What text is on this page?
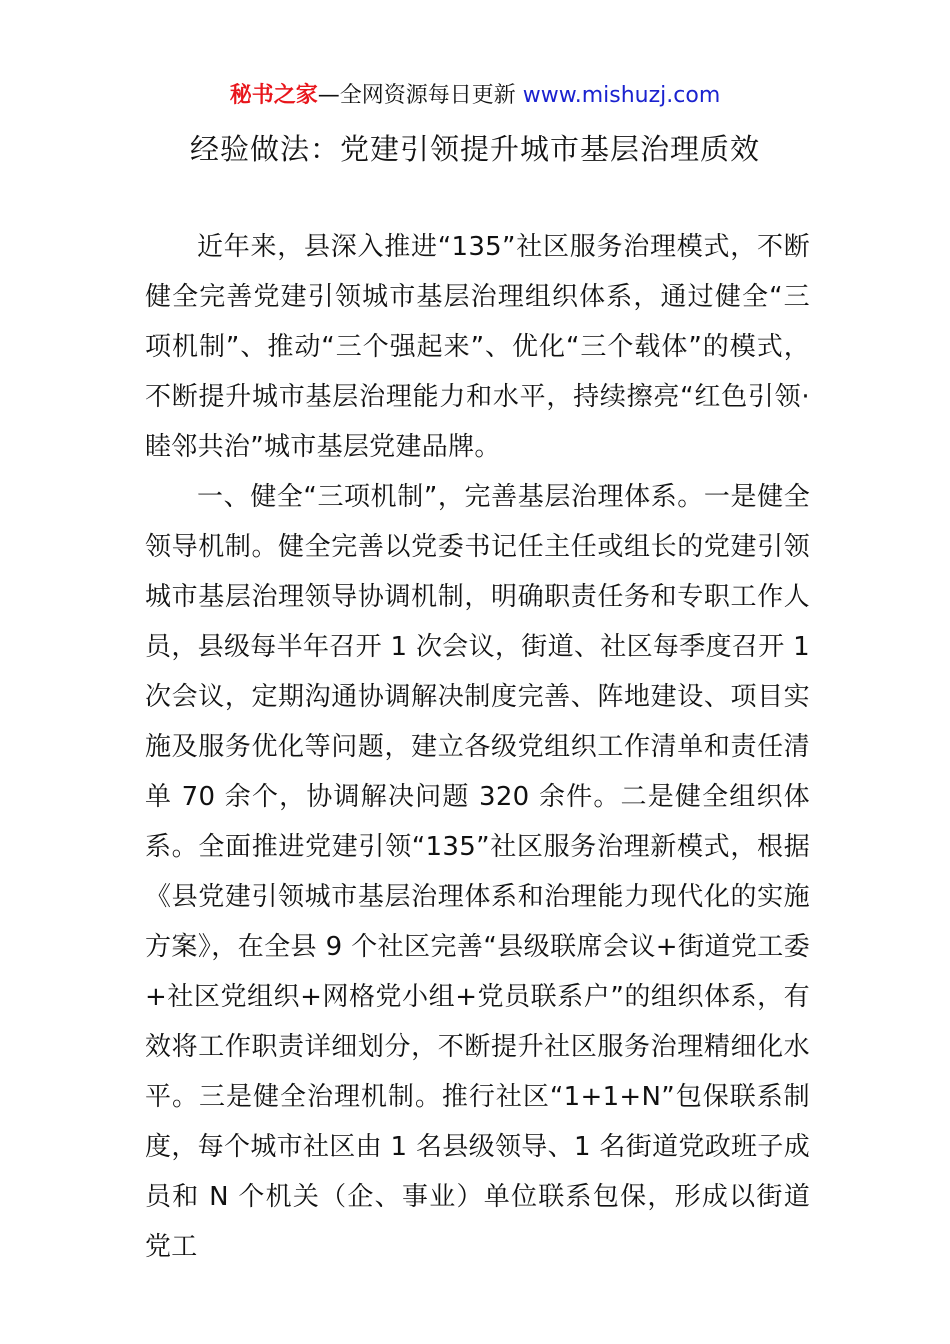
秘书之家—全网资源每日更新 www.mishuzj.com
经验做法：党建引领提升城市基层治理质效

近年来，县深入推进“135”社区服务治理模式，不断健全完善党建引领城市基层治理组织体系，通过健全“三项机制”、推动“三个强起来”、优化“三个载体”的模式，不断提升城市基层治理能力和水平，持续擦亮“红色引领·睦邻共治”城市基层党建品牌。

一、健全“三项机制”，完善基层治理体系。一是健全领导机制。健全完善以党委书记任主任或组长的党建引领城市基层治理领导协调机制，明确职责任务和专职工作人员，县级每半年召开 1 次会议，街道、社区每季度召开 1 次会议，定期沟通协调解决制度完善、阵地建设、项目实施及服务优化等问题，建立各级党组织工作清单和责任清单 70 余个，协调解决问题 320 余件。二是健全组织体系。全面推进党建引领“135”社区服务治理新模式，根据《县党建引领城市基层治理体系和治理能力现代化的实施方案》，在全县 9 个社区完善“县级联席会议+街道党工委+社区党组织+网格党小组+党员联系户”的组织体系，有效将工作职责详细划分，不断提升社区服务治理精细化水平。三是健全治理机制。推行社区“1+1+N”包保联系制度，每个城市社区由 1 名县级领导、1 名街道党政班子成员和 N 个机关（企、事业）单位联系包保，形成以街道党工
